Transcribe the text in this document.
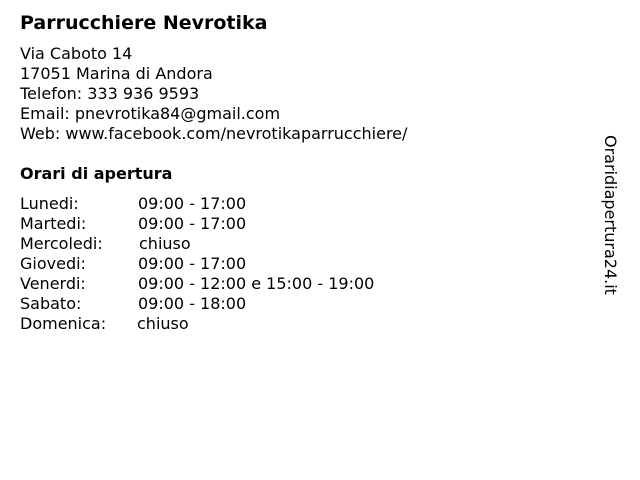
Parrucchiere Nevrotika
Via Caboto 14
17051 Marina di Andora
Telefon: 333 936 9593
Email: pnevrotika84@gmail.com
Web: www.facebook.com/nevrotikaparrucchiere/
Orari di apertura
Lunedi:	09:00 - 17:00
Martedi:	09:00 - 17:00
Mercoledi: chiuso
Giovedi:	09:00 - 17:00
Venerdi:	09:00 - 12:00 e 15:00 - 19:00
Sabato:	09:00 - 18:00
Domenica: chiuso
Oraridiapertura24.it
